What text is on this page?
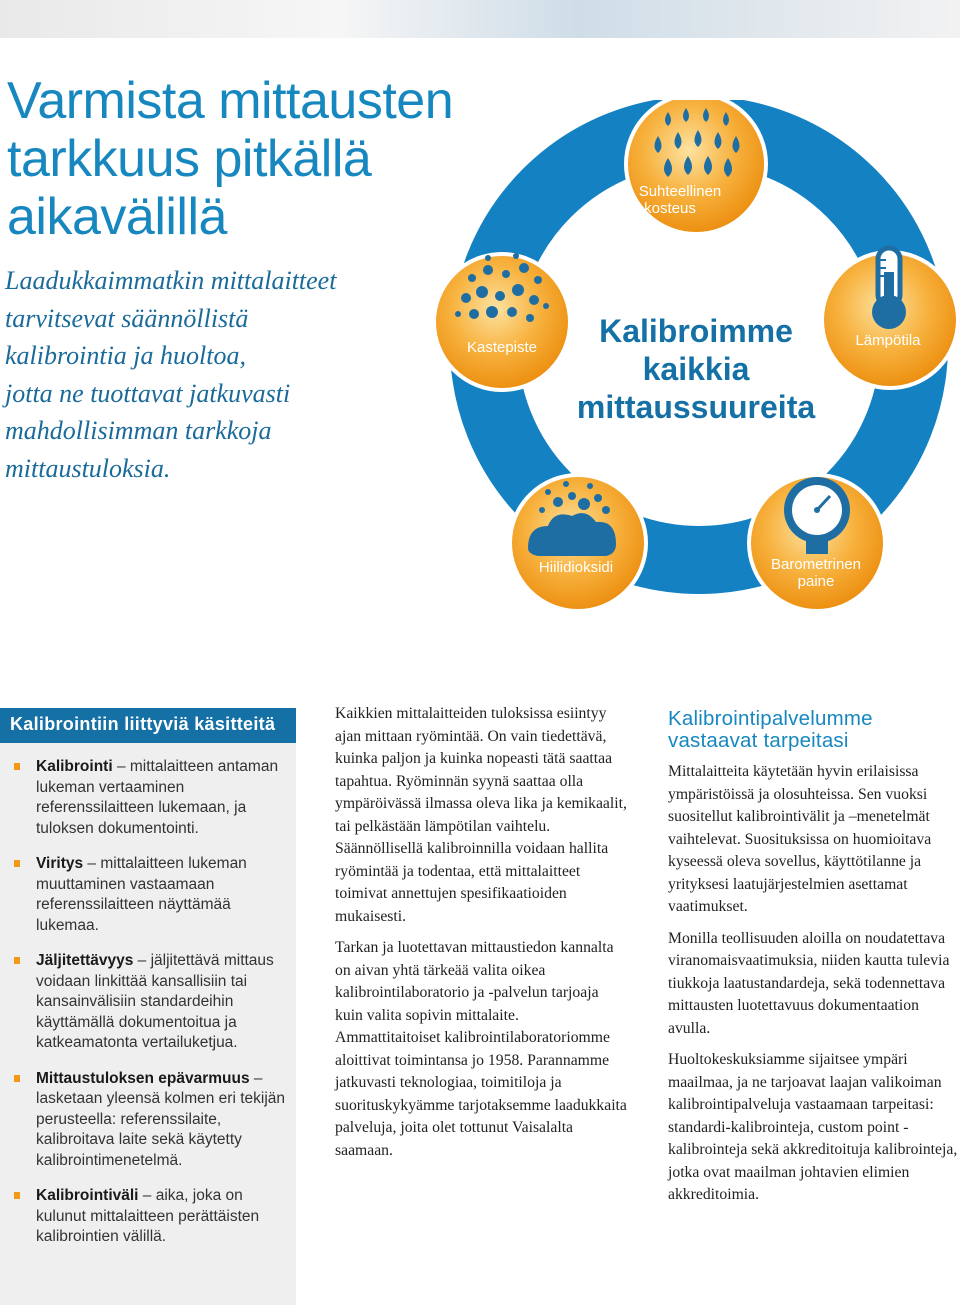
Varmista mittausten
tarkkuus pitkällä
aikavälillä
Laadukkaimmatkin mittalaitteet
tarvitsevat säännöllistä
kalibrointia ja huoltoa,
jotta ne tuottavat jatkuvasti
mahdollisimman tarkkoja
mittaustuloksia.
Kalibroimme
kaikkia
mittaussuureita
Suhteellinen
kosteus
Lämpötila
Barometrinen
paine
Hiilidioksidi
Kastepiste
Kalibrointiin liittyviä käsitteitä
Kalibrointi – mittalaitteen antaman lukeman vertaaminen referenssilaitteen lukemaan, ja tuloksen dokumentointi.
Viritys – mittalaitteen lukeman muuttaminen vastaamaan referenssilaitteen näyttämää lukemaa.
Jäljitettävyys – jäljitettävä mittaus voidaan linkittää kansallisiin tai kansainvälisiin standardeihin käyttämällä dokumentoitua ja katkeamatonta vertailuketjua.
Mittaustuloksen epävarmuus – lasketaan yleensä kolmen eri tekijän perusteella: referenssilaite, kalibroitava laite sekä käytetty kalibrointimenetelmä.
Kalibrointiväli – aika, joka on kulunut mittalaitteen perättäisten kalibrointien välillä.

Kaikkien mittalaitteiden tuloksissa esiintyy ajan mittaan ryömintää. On vain tiedettävä, kuinka paljon ja kuinka nopeasti tätä saattaa tapahtua. Ryöminnän syynä saattaa olla ympäröivässä ilmassa oleva lika ja kemikaalit, tai pelkästään lämpötilan vaihtelu. Säännöllisellä kalibroinnilla voidaan hallita ryömintää ja todentaa, että mittalaitteet toimivat annettujen spesifikaatioiden mukaisesti.

Tarkan ja luotettavan mittaustiedon kannalta on aivan yhtä tärkeää valita oikea kalibrointilaboratorio ja -palvelun tarjoaja kuin valita sopivin mittalaite. Ammattitaitoiset kalibrointilaboratoriomme aloittivat toimintansa jo 1958. Parannamme jatkuvasti teknologiaa, toimitiloja ja suorituskykyämme tarjotaksemme laadukkaita palveluja, joita olet tottunut Vaisalalta saamaan.

Kalibrointipalvelumme vastaavat tarpeitasi

Mittalaitteita käytetään hyvin erilaisissa ympäristöissä ja olosuhteissa. Sen vuoksi suositellut kalibrointivälit ja –menetelmät vaihtelevat. Suosituksissa on huomioitava kyseessä oleva sovellus, käyttötilanne ja yrityksesi laatujärjestelmien asettamat vaatimukset.

Monilla teollisuuden aloilla on noudatettava viranomaisvaatimuksia, niiden kautta tulevia tiukkoja laatustandardeja, sekä todennettava mittausten luotettavuus dokumentaation avulla.

Huoltokeskuksiamme sijaitsee ympäri maailmaa, ja ne tarjoavat laajan valikoiman kalibrointipalveluja vastaamaan tarpeitasi: standardi-kalibrointeja, custom point -kalibrointeja sekä akkreditoituja kalibrointeja, jotka ovat maailman johtavien elimien akkreditoimia.
